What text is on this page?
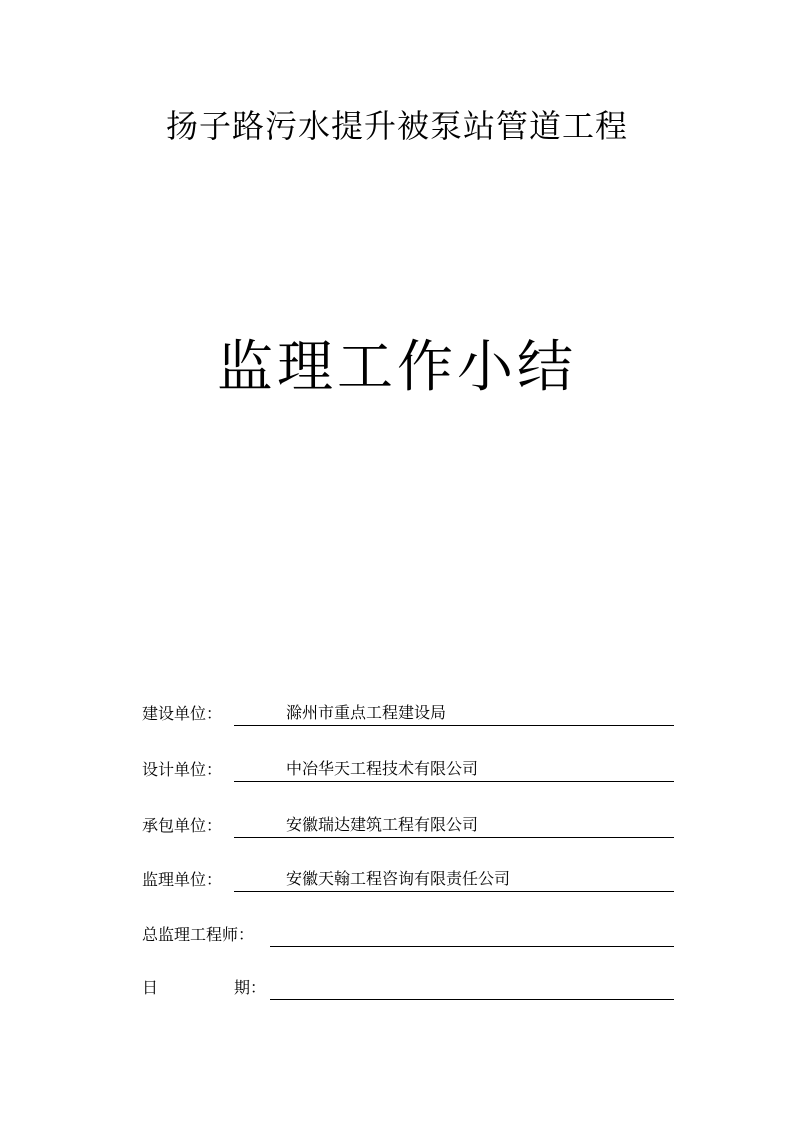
扬子路污水提升被泵站管道工程
监理工作小结
建设单位：	滁州市重点工程建设局
设计单位：	中冶华天工程技术有限公司
承包单位：	安徽瑞达建筑工程有限公司
监理单位：	安徽天翰工程咨询有限责任公司
总监理工程师：
日	期：
